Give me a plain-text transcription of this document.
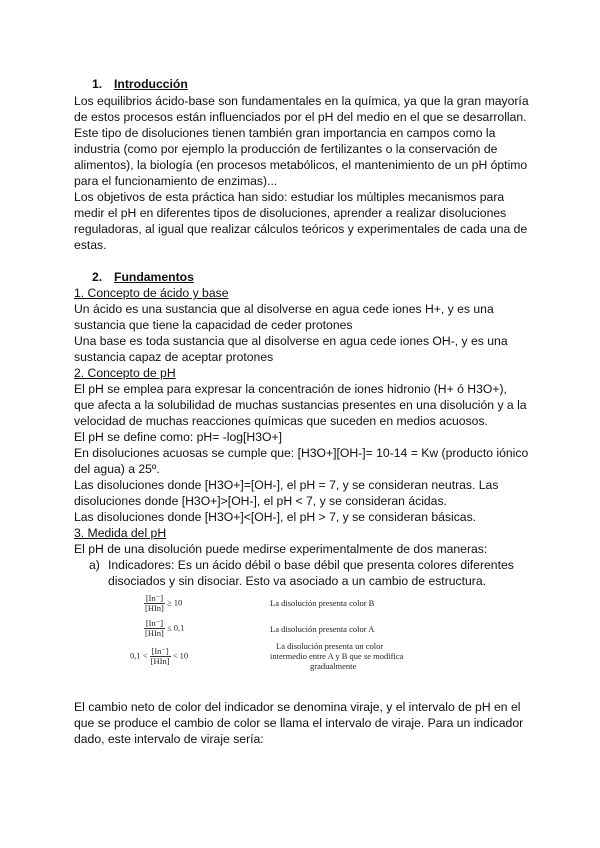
1. Introducción
Los equilibrios ácido-base son fundamentales en la química, ya que la gran mayoría
de estos procesos están influenciados por el pH del medio en el que se desarrollan.
Este tipo de disoluciones tienen también gran importancia en campos como la
industria (como por ejemplo la producción de fertilizantes o la conservación de
alimentos), la biología (en procesos metabólicos, el mantenimiento de un pH óptimo
para el funcionamiento de enzimas)...
Los objetivos de esta práctica han sido: estudiar los múltiples mecanismos para
medir el pH en diferentes tipos de disoluciones, aprender a realizar disoluciones
reguladoras, al igual que realizar cálculos teóricos y experimentales de cada una de
estas.
2. Fundamentos
1. Concepto de ácido y base
Un ácido es una sustancia que al disolverse en agua cede iones H+, y es una
sustancia que tiene la capacidad de ceder protones
Una base es toda sustancia que al disolverse en agua cede iones OH-, y es una
sustancia capaz de aceptar protones
2. Concepto de pH
El pH se emplea para expresar la concentración de iones hidronio (H+ ó H3O+),
que afecta a la solubilidad de muchas sustancias presentes en una disolución y a la
velocidad de muchas reacciones químicas que suceden en medios acuosos.
El pH se define como: pH= -log[H3O+]
En disoluciones acuosas se cumple que: [H3O+][OH-]= 10-14 = Kw (producto iónico
del agua) a 25º.
Las disoluciones donde [H3O+]=[OH-], el pH = 7, y se consideran neutras. Las
disoluciones donde [H3O+]>[OH-], el pH < 7, y se consideran ácidas.
Las disoluciones donde [H3O+]<[OH-], el pH > 7, y se consideran básicas.
3. Medida del pH
El pH de una disolución puede medirse experimentalmente de dos maneras:
a) Indicadores: Es un ácido débil o base débil que presenta colores diferentes
disociados y sin disociar. Esto va asociado a un cambio de estructura.
$\frac{[In^-]}{\text{[HIn]}} \ge 10$	La disolución presenta color B
$\frac{[In^-]}{\text{[HIn]}} \le 0,1$	La disolución presenta color A
$0,1 < \frac{[In^-]}{\text{[HIn]}} < 10$
La disolución presenta un color
intermedio entre A y B que se modifica
gradualmente
El cambio neto de color del indicador se denomina viraje, y el intervalo de pH en el
que se produce el cambio de color se llama el intervalo de viraje. Para un indicador
dado, este intervalo de viraje sería:
